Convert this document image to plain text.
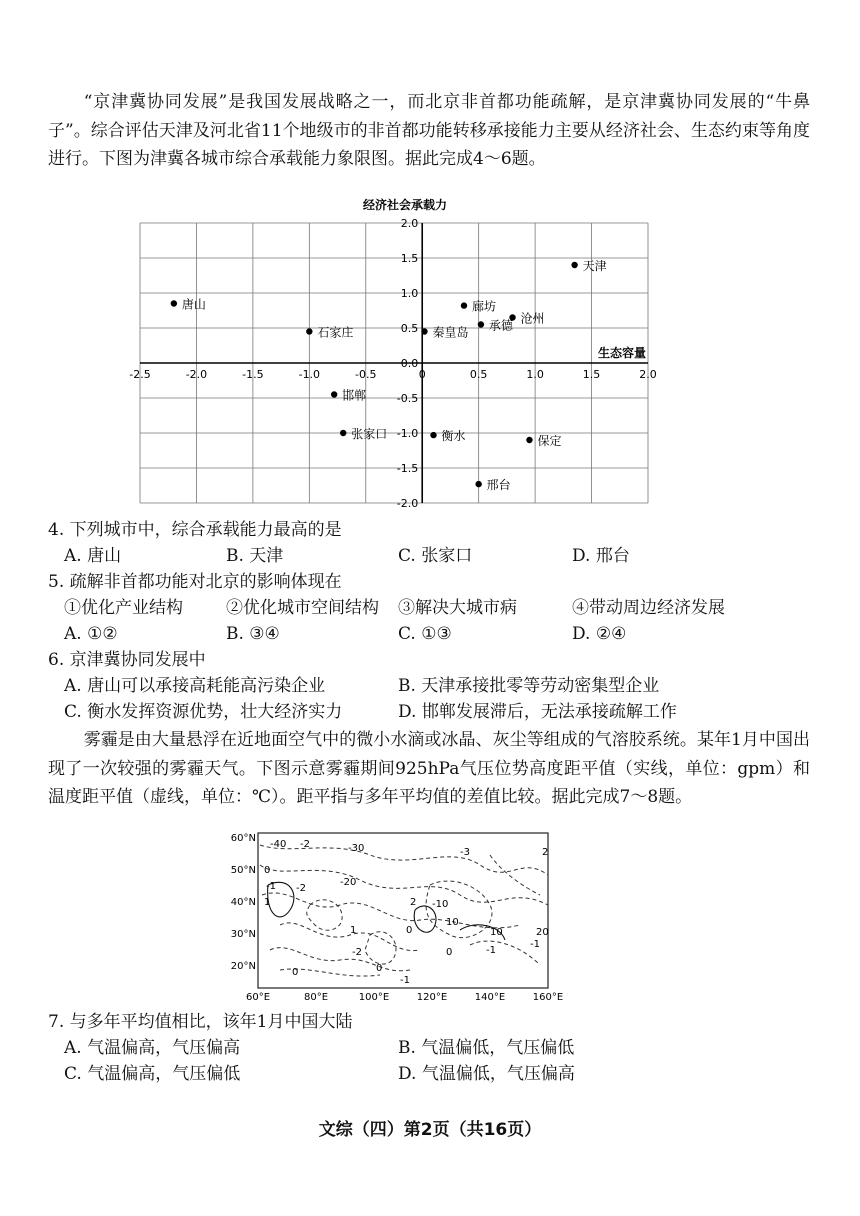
“京津冀协同发展”是我国发展战略之一，而北京非首都功能疏解，是京津冀协同发展的“牛鼻子”。综合评估天津及河北省11个地级市的非首都功能转移承接能力主要从经济社会、生态约束等角度进行。下图为津冀各城市综合承载能力象限图。据此完成4～6题。

-2.5	-2.0	-1.5	-1.0	-0.5	0	0.5	1.0	1.5	2.0
2.0
1.5
1.0
0.5
0.0
-0.5
-1.0
-1.5
-2.0
唐山
天津
廊坊
沧州
石家庄	秦皇岛 承德
邯郸
张家口	衡水	保定
邢台
经济社会承载力
生态容量
4. 下列城市中，综合承载能力最高的是
A. 唐山	B. 天津	C. 张家口	D. 邢台
5. 疏解非首都功能对北京的影响体现在
①优化产业结构	②优化城市空间结构 ③解决大城市病	④带动周边经济发展
A. ①②	B. ③④	C. ①③	D. ②④
6. 京津冀协同发展中
A. 唐山可以承接高耗能高污染企业	B. 天津承接批零等劳动密集型企业
C. 衡水发挥资源优势，壮大经济实力	D. 邯郸发展滞后，无法承接疏解工作

雾霾是由大量悬浮在近地面空气中的微小水滴或冰晶、灰尘等组成的气溶胶系统。某年1月中国出现了一次较强的雾霾天气。下图示意雾霾期间925hPa气压位势高度距平值（实线，单位：gpm）和温度距平值（虚线，单位：℃）。距平指与多年平均值的差值比较。据此完成7～8题。

-40 -2	-30	-3	2
-20
0
-1
1
-2
2 -10
10
20
-1
0
0
10
-1
-2
1
0
-1
0
60°N
50°N
40°N
30°N
20°N
60°E	80°E	100°E	120°E	140°E	160°E
7. 与多年平均值相比，该年1月中国大陆
A. 气温偏高，气压偏高	B. 气温偏低，气压偏低
C. 气温偏高，气压偏低	D. 气温偏低，气压偏高
文综（四）第2页（共16页）
